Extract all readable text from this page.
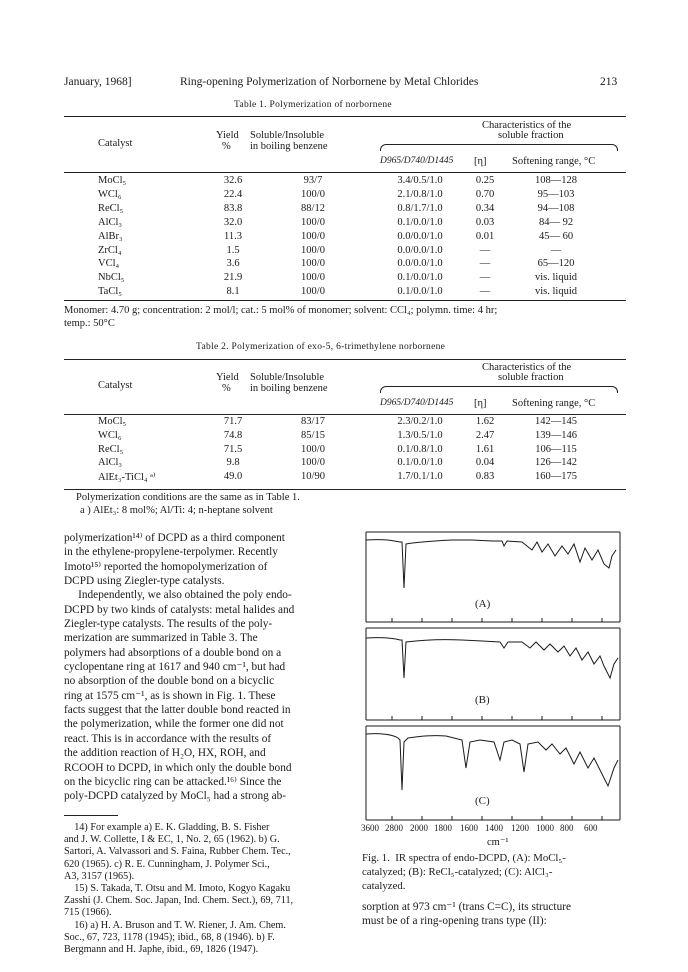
January, 1968]	Ring-opening Polymerization of Norbornene by Metal Chlorides	213
Table 1. Polymerization of norbornene
Characteristics of the
soluble fraction
Catalyst
Yield
%
Soluble/Insoluble
in boiling benzene
D965/D740/D1445 [η] Softening range, °C
MoCl₅	32.6	93/7	3.4/0.5/1.0	0.25	108—128
WCl₆	22.4	100/0	2.1/0.8/1.0	0.70	95—103
ReCl₅	83.8	88/12	0.8/1.7/1.0	0.34	94—108
AlCl₃	32.0	100/0	0.1/0.0/1.0	0.03	84— 92
AlBr₃	11.3	100/0	0.0/0.0/1.0	0.01	45— 60
ZrCl₄	1.5	100/0	0.0/0.0/1.0	—	—
VCl₄	3.6	100/0	0.0/0.0/1.0	—	65—120
NbCl₅	21.9	100/0	0.1/0.0/1.0	—	vis. liquid
TaCl₅	8.1	100/0	0.1/0.0/1.0	—	vis. liquid
Monomer: 4.70 g; concentration: 2 mol/l; cat.: 5 mol% of monomer; solvent: CCl₄; polymn. time: 4 hr;
temp.: 50°C
Table 2. Polymerization of exo-5, 6-trimethylene norbornene
Characteristics of the
soluble fraction
Catalyst
Yield
%
Soluble/Insoluble
in boiling benzene
D965/D740/D1445 [η] Softening range, °C
MoCl₅	71.7	83/17	2.3/0.2/1.0	1.62	142—145
WCl₆	74.8	85/15	1.3/0.5/1.0	2.47	139—146
ReCl₅	71.5	100/0	0.1/0.8/1.0	1.61	106—115
AlCl₃	9.8	100/0	0.1/0.0/1.0	0.04	126—142
AlEt₃-TiCl₄ ᵃ⁾	49.0	10/90	1.7/0.1/1.0	0.83	160—175
Polymerization conditions are the same as in Table 1.
a ) AlEt₃: 8 mol%; Al/Ti: 4; n-heptane solvent
polymerization¹⁴⁾ of DCPD as a third component
in the ethylene-propylene-terpolymer. Recently
Imoto¹⁵⁾ reported the homopolymerization of
DCPD using Ziegler-type catalysts.
Independently, we also obtained the poly endo-
DCPD by two kinds of catalysts: metal halides and
Ziegler-type catalysts. The results of the poly-
merization are summarized in Table 3. The
polymers had absorptions of a double bond on a
cyclopentane ring at 1617 and 940 cm⁻¹, but had
no absorption of the double bond on a bicyclic
ring at 1575 cm⁻¹, as is shown in Fig. 1. These
facts suggest that the latter double bond reacted in
the polymerization, while the former one did not
react. This is in accordance with the results of
the addition reaction of H₂O, HX, ROH, and
RCOOH to DCPD, in which only the double bond
on the bicyclic ring can be attacked.¹⁶⁾ Since the
poly-DCPD catalyzed by MoCl₅ had a strong ab-
14) For example a) E. K. Gladding, B. S. Fisher
and J. W. Collette, I & EC, 1, No. 2, 65 (1962). b) G.
Sartori, A. Valvassori and S. Faina, Rubber Chem. Tec.,
620 (1965). c) R. E. Cunningham, J. Polymer Sci.,
A3, 3157 (1965).
15) S. Takada, T. Otsu and M. Imoto, Kogyo Kagaku
Zasshi (J. Chem. Soc. Japan, Ind. Chem. Sect.), 69, 711,
715 (1966).
16) a) H. A. Bruson and T. W. Riener, J. Am. Chem.
Soc., 67, 723, 1178 (1945); ibid., 68, 8 (1946). b) F.
Bergmann and H. Japhe, ibid., 69, 1826 (1947).
(A)
(B)
(C)
3600 2800 2000 1800 1600 1400 1200 1000 800 600
cm⁻¹
Fig. 1.  IR spectra of endo-DCPD, (A): MoCl₅-
catalyzed; (B): ReCl₅-catalyzed; (C): AlCl₃-
catalyzed.
sorption at 973 cm⁻¹ (trans C=C), its structure
must be of a ring-opening trans type (II):
